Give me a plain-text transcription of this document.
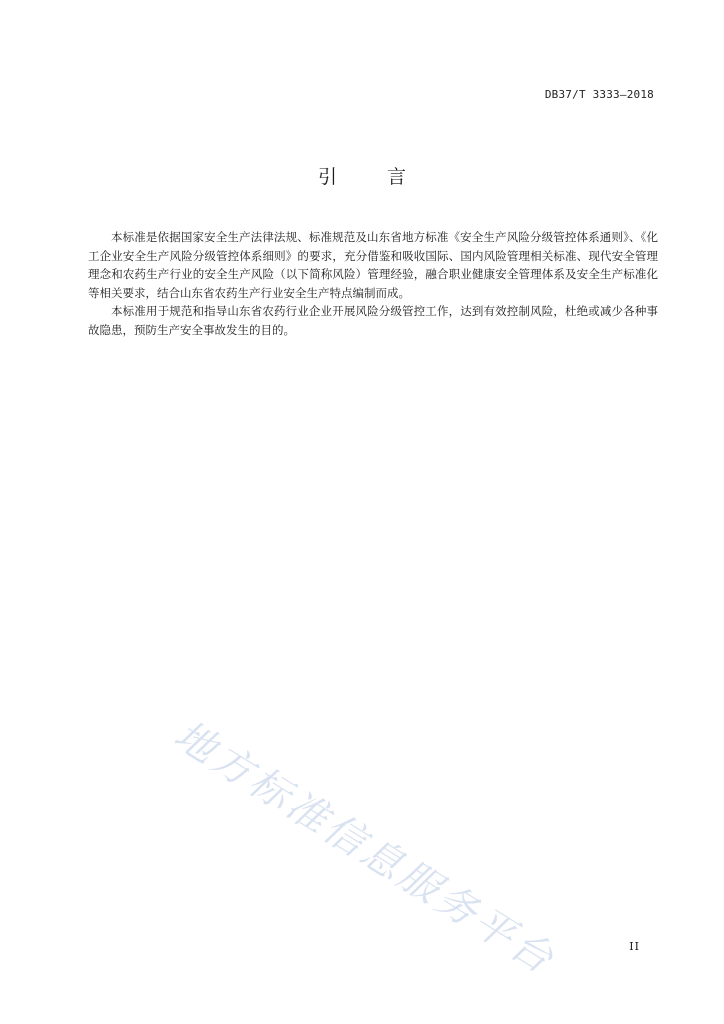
DB37/T 3333—2018
引 言

本标准是依据国家安全生产法律法规、标准规范及山东省地方标准《安全生产风险分级管控体系通则》、《化工企业安全生产风险分级管控体系细则》的要求，充分借鉴和吸收国际、国内风险管理相关标准、现代安全管理理念和农药生产行业的安全生产风险（以下简称风险）管理经验，融合职业健康安全管理体系及安全生产标准化等相关要求，结合山东省农药生产行业安全生产特点编制而成。

本标准用于规范和指导山东省农药行业企业开展风险分级管控工作，达到有效控制风险，杜绝或减少各种事故隐患，预防生产安全事故发生的目的。

地方标准信息服务平台	II
